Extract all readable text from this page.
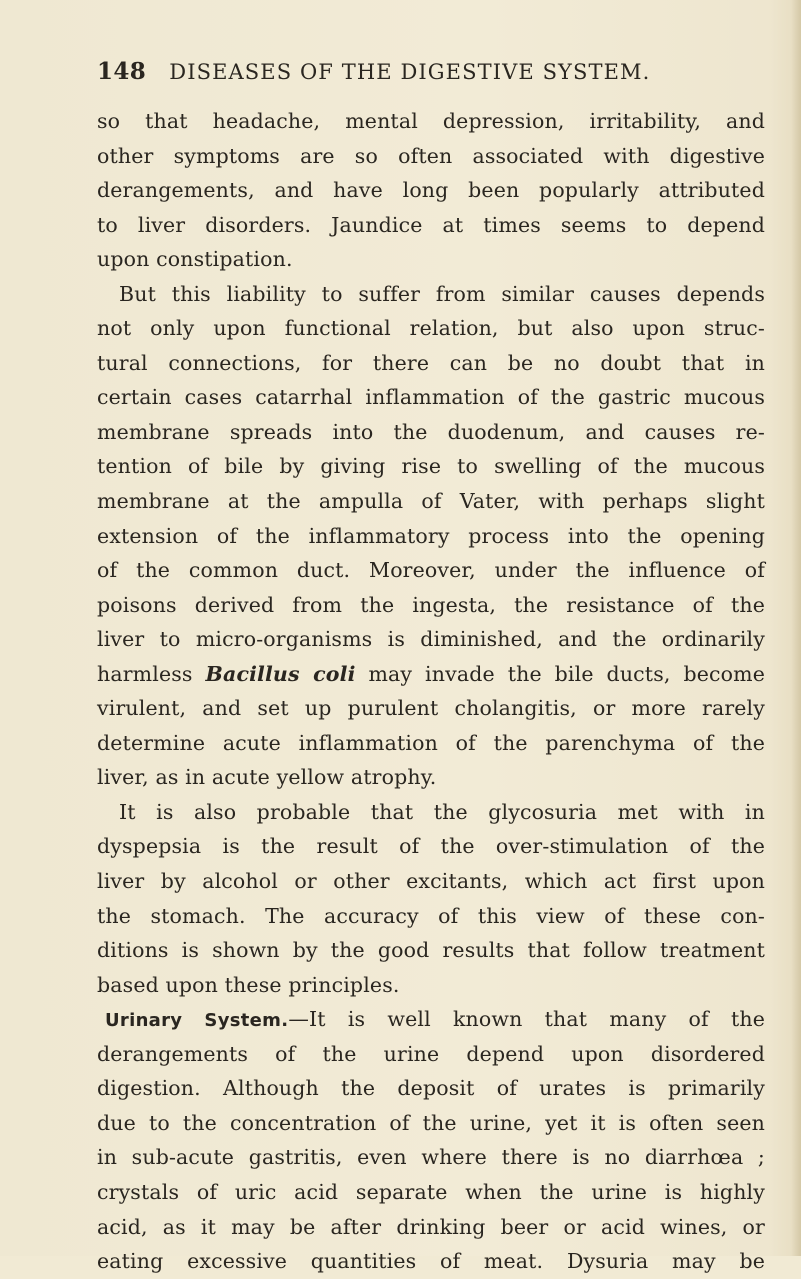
148 DISEASES OF THE DIGESTIVE SYSTEM.
so that headache, mental depression, irritability, and
other symptoms are so often associated with digestive
derangements, and have long been popularly attributed
to liver disorders. Jaundice at times seems to depend
upon constipation.
But this liability to suffer from similar causes depends
not only upon functional relation, but also upon struc-
tural connections, for there can be no doubt that in
certain cases catarrhal inflammation of the gastric mucous
membrane spreads into the duodenum, and causes re-
tention of bile by giving rise to swelling of the mucous
membrane at the ampulla of Vater, with perhaps slight
extension of the inflammatory process into the opening
of the common duct. Moreover, under the influence of
poisons derived from the ingesta, the resistance of the
liver to micro-organisms is diminished, and the ordinarily
harmless Bacillus coli may invade the bile ducts, become
virulent, and set up purulent cholangitis, or more rarely
determine acute inflammation of the parenchyma of the
liver, as in acute yellow atrophy.
It is also probable that the glycosuria met with in
dyspepsia is the result of the over-stimulation of the
liver by alcohol or other excitants, which act first upon
the stomach. The accuracy of this view of these con-
ditions is shown by the good results that follow treatment
based upon these principles.
Urinary System.—It is well known that many of the
derangements of the urine depend upon disordered
digestion. Although the deposit of urates is primarily
due to the concentration of the urine, yet it is often seen
in sub-acute gastritis, even where there is no diarrhœa ;
crystals of uric acid separate when the urine is highly
acid, as it may be after drinking beer or acid wines, or
eating excessive quantities of meat. Dysuria may be
